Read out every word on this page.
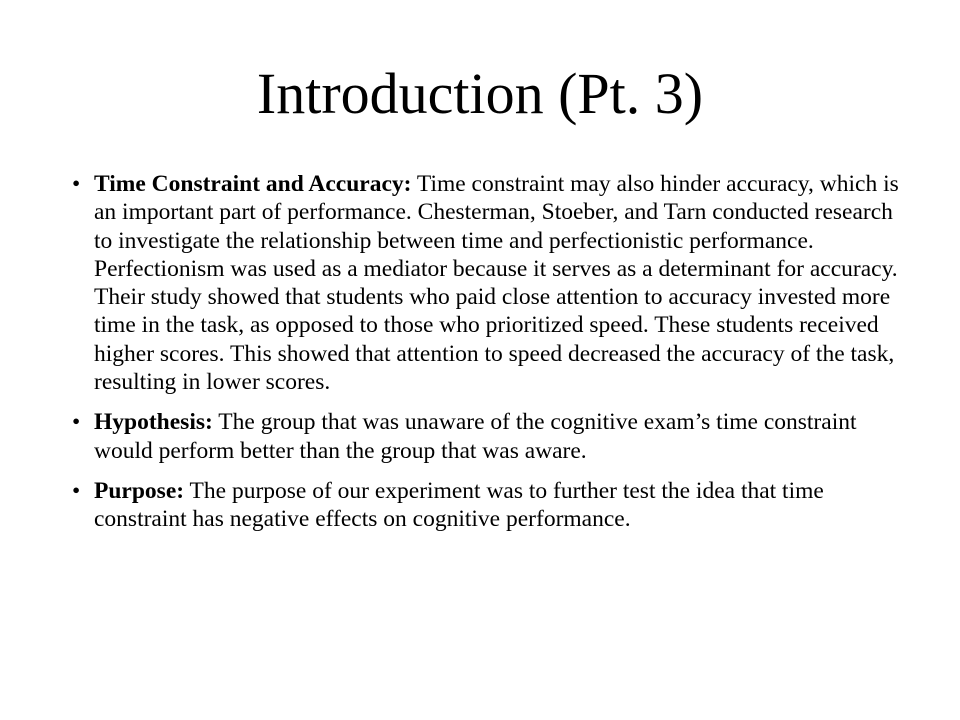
Introduction (Pt. 3)
• Time Constraint and Accuracy: Time constraint may also hinder accuracy, which is an important part of performance. Chesterman, Stoeber, and Tarn conducted research to investigate the relationship between time and perfectionistic performance. Perfectionism was used as a mediator because it serves as a determinant for accuracy. Their study showed that students who paid close attention to accuracy invested more time in the task, as opposed to those who prioritized speed. These students received higher scores. This showed that attention to speed decreased the accuracy of the task, resulting in lower scores.
• Hypothesis: The group that was unaware of the cognitive exam’s time constraint would perform better than the group that was aware.
• Purpose: The purpose of our experiment was to further test the idea that time constraint has negative effects on cognitive performance.
